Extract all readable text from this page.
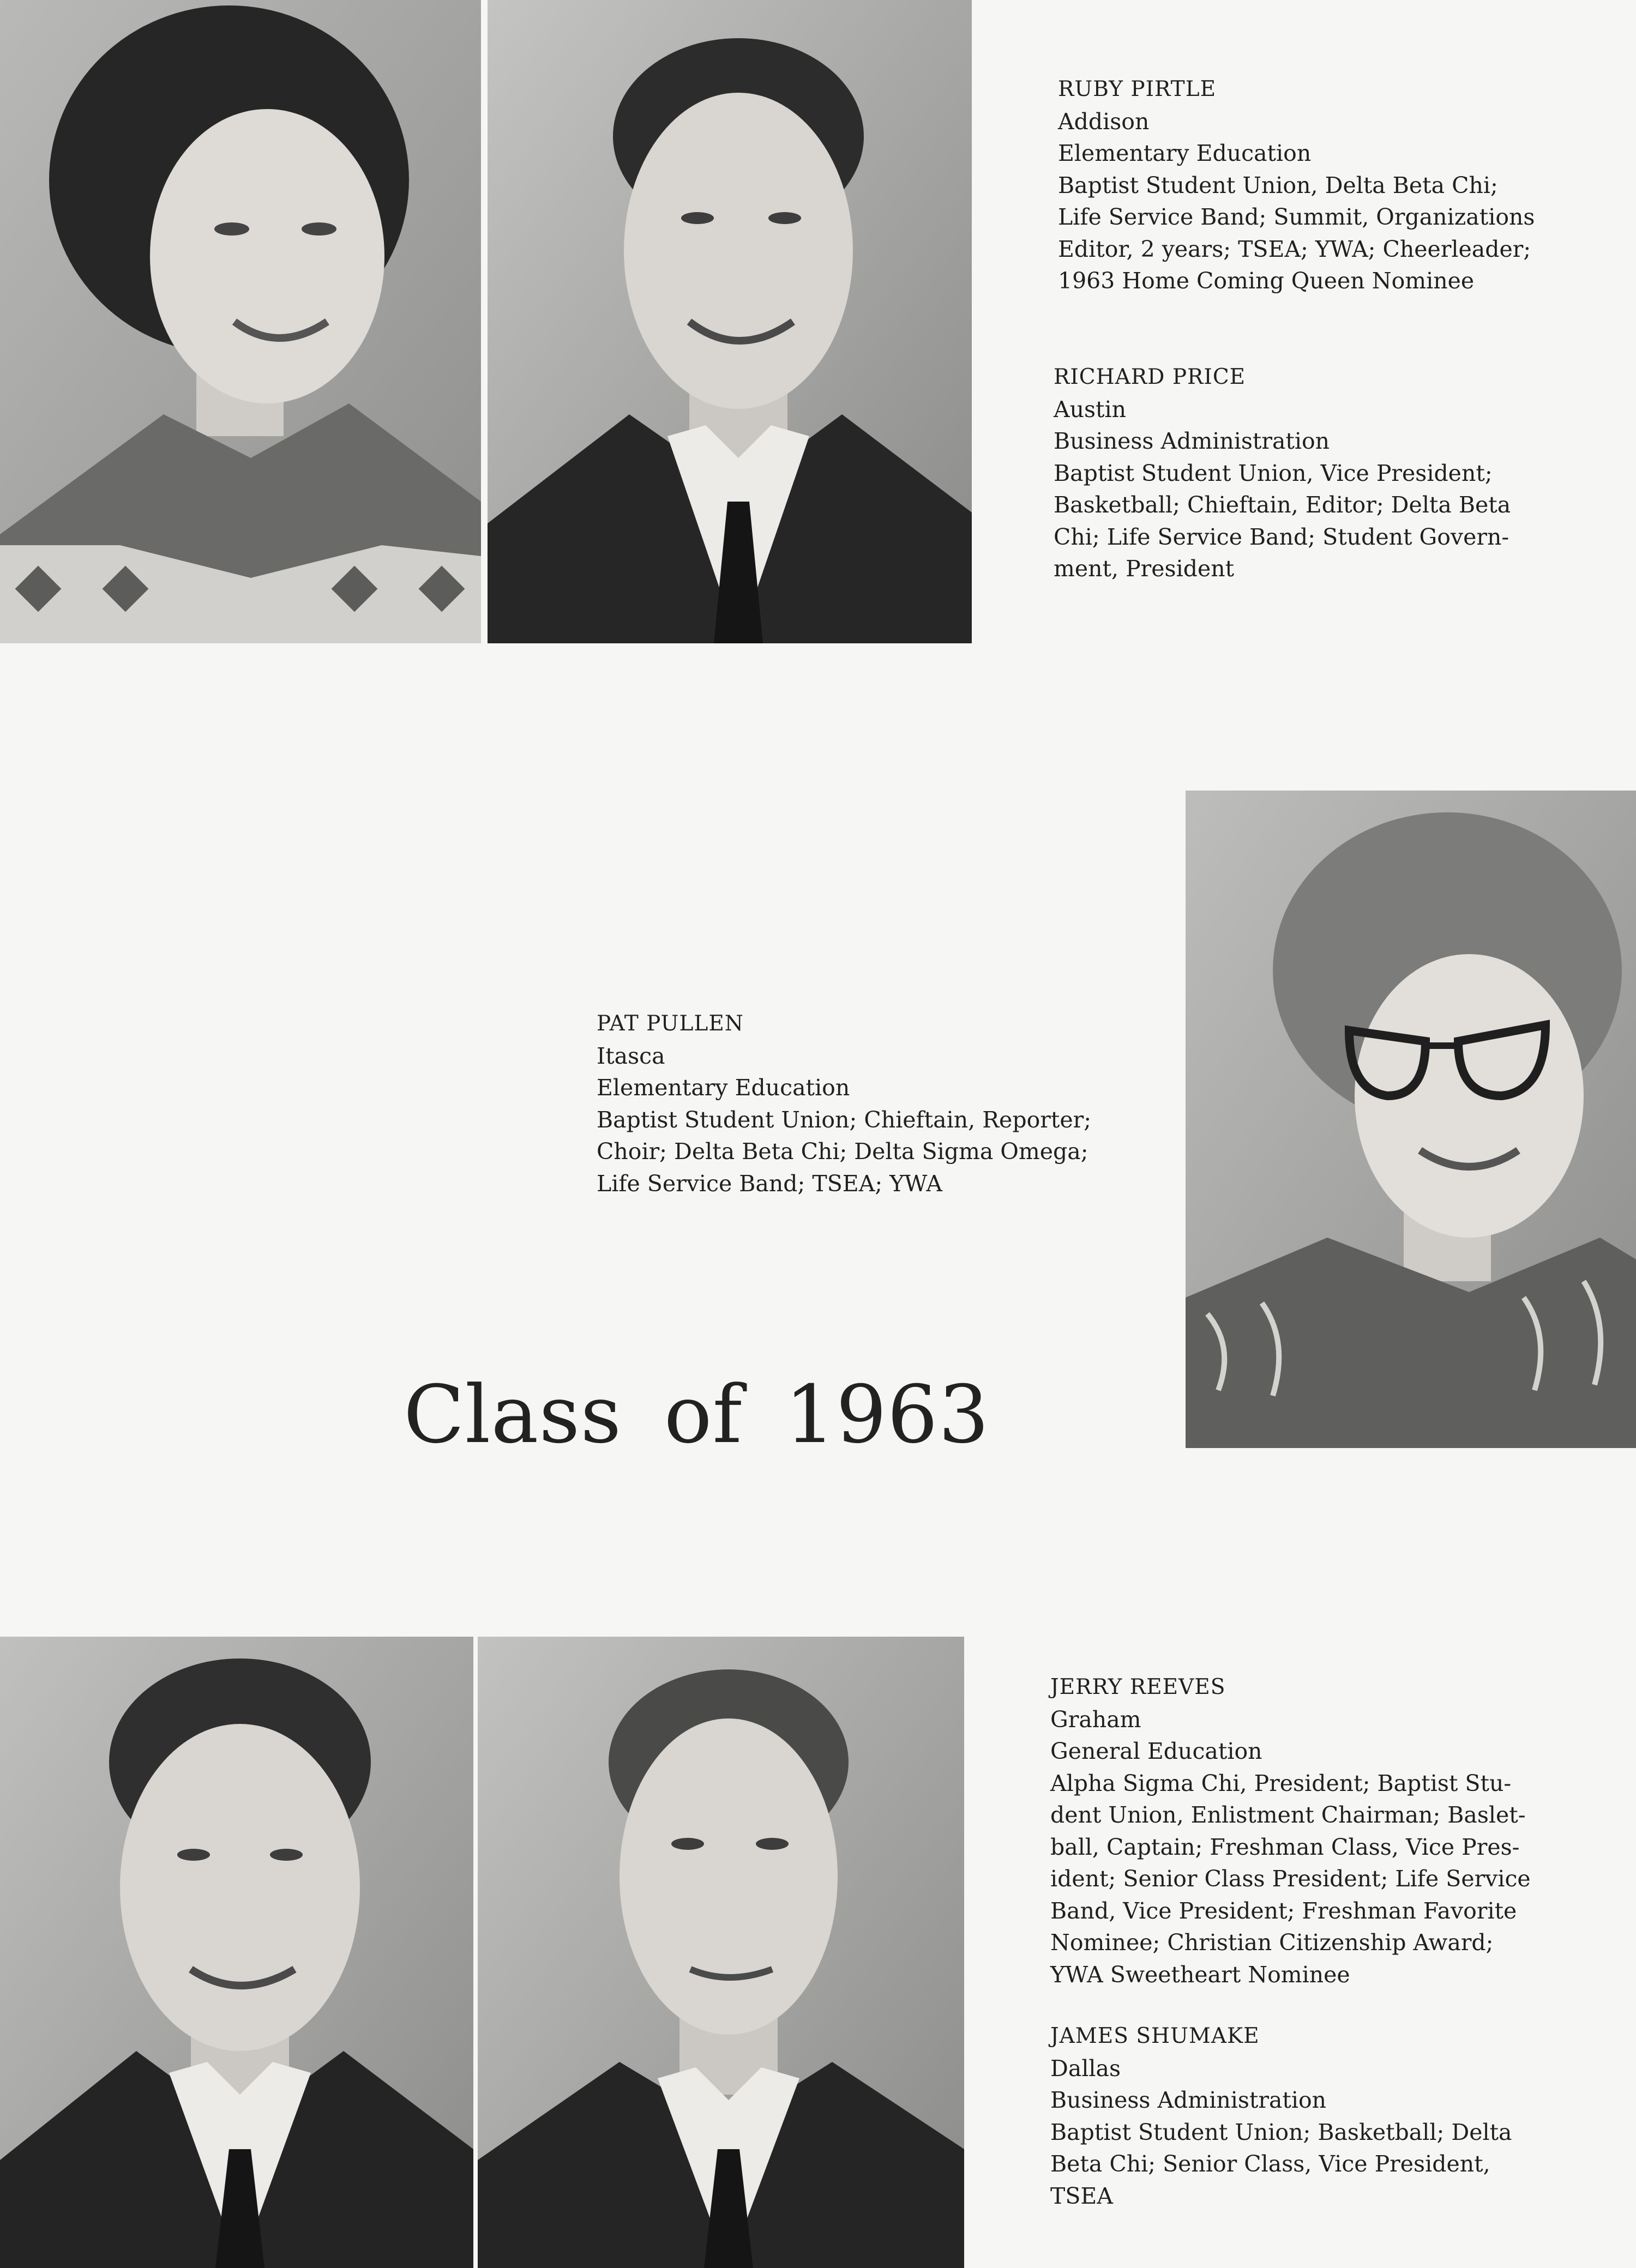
RUBY PIRTLE
Addison
Elementary Education
Baptist Student Union, Delta Beta Chi;
Life Service Band; Summit, Organizations
Editor, 2 years; TSEA; YWA; Cheerleader;
1963 Home Coming Queen Nominee
RICHARD PRICE
Austin
Business Administration
Baptist Student Union, Vice President;
Basketball; Chieftain, Editor; Delta Beta
Chi; Life Service Band; Student Govern-
ment, President
PAT PULLEN
Itasca
Elementary Education
Baptist Student Union; Chieftain, Reporter;
Choir; Delta Beta Chi; Delta Sigma Omega;
Life Service Band; TSEA; YWA
JERRY REEVES
Graham
General Education
Alpha Sigma Chi, President; Baptist Stu-
dent Union, Enlistment Chairman; Baslet-
ball, Captain; Freshman Class, Vice Pres-
ident; Senior Class President; Life Service
Band, Vice President; Freshman Favorite
Nominee; Christian Citizenship Award;
YWA Sweetheart Nominee
JAMES SHUMAKE
Dallas
Business Administration
Baptist Student Union; Basketball; Delta
Beta Chi; Senior Class, Vice President,
TSEA
Class of 1963
